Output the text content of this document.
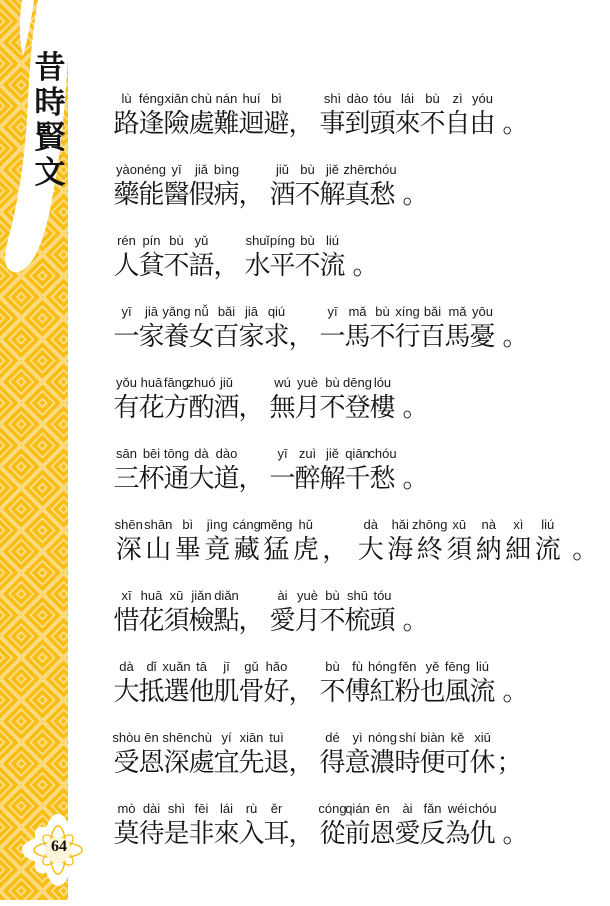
昔時賢文
64
lù
路
féng
逢
xiǎn
險
chù
處
nán
難
huí
迴
bì
避
，
shì
事
dào
到
tóu
頭
lái
來
bù
不
zì
自
yóu
由 。
yào
藥
néng
能
yī
醫
jiǎ
假
bìng
病
，
jiǔ
酒
bù
不
jiě
解
zhēn
真
chóu
愁 。
rén
人
pín
貧
bù
不
yǔ
語
，
shuǐ
水
píng
平
bù
不
liú
流 。
yī
一
jiā
家
yǎng
養
nǚ
女
bǎi
百
jiā
家
qiú
求
，
yī
一
mǎ
馬
bù
不
xíng
行
bǎi
百
mǎ
馬
yōu
憂 。
yǒu
有
huā
花
fāng
方
zhuó
酌
jiǔ
酒
，
wú
無
yuè
月
bù
不
dēng
登
lóu
樓 。
sān
三
bēi
杯
tōng
通
dà
大
dào
道
，
yī
一
zuì
醉
jiě
解
qiān
千
chóu
愁 。
shēn
深
shān
山
bì
畢
jìng
竟
cáng
藏
měng
猛
hǔ
虎 ，
dà
大
hǎi
海
zhōng
終
xū
須
nà
納
xì
細
liú
流 。
xī
惜
huā
花
xū
須
jiǎn
檢
diǎn
點
，
ài
愛
yuè
月
bù
不
shū
梳
tóu
頭 。
dà
大
dǐ
抵
xuǎn
選
tā
他
jī
肌
gǔ
骨
hǎo
好
，
bù
不
fù
傅
hóng
紅
fěn
粉
yě
也
fēng
風
liú
流 。
shòu
受
ēn
恩
shēn
深
chù
處
yí
宜
xiān
先
tuì
退
，
dé
得
yì
意
nóng
濃
shí
時
biàn
便
kě
可
xiū
休 ；
mò
莫
dài
待
shì
是
fēi
非
lái
來
rù
入
ěr
耳
，
cóng
從
qián
前
ēn
恩
ài
愛
fǎn
反
wéi
為
chóu
仇 。
